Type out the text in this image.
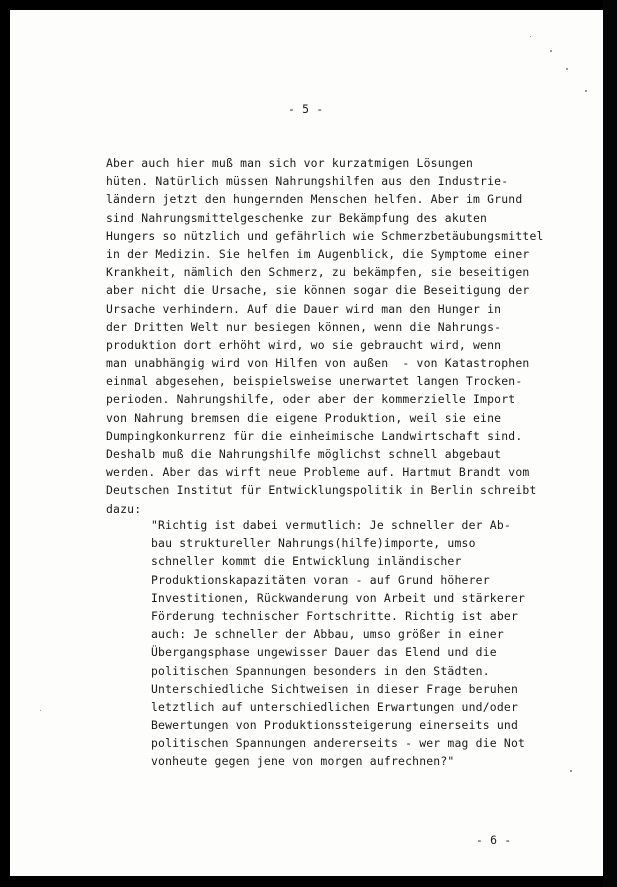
- 5 -
Aber auch hier muß man sich vor kurzatmigen Lösungen
hüten. Natürlich müssen Nahrungshilfen aus den Industrie-
ländern jetzt den hungernden Menschen helfen. Aber im Grund
sind Nahrungsmittelgeschenke zur Bekämpfung des akuten
Hungers so nützlich und gefährlich wie Schmerzbetäubungsmittel
in der Medizin. Sie helfen im Augenblick, die Symptome einer
Krankheit, nämlich den Schmerz, zu bekämpfen, sie beseitigen
aber nicht die Ursache, sie können sogar die Beseitigung der
Ursache verhindern. Auf die Dauer wird man den Hunger in
der Dritten Welt nur besiegen können, wenn die Nahrungs-
produktion dort erhöht wird, wo sie gebraucht wird, wenn
man unabhängig wird von Hilfen von außen  - von Katastrophen
einmal abgesehen, beispielsweise unerwartet langen Trocken-
perioden. Nahrungshilfe, oder aber der kommerzielle Import
von Nahrung bremsen die eigene Produktion, weil sie eine
Dumpingkonkurrenz für die einheimische Landwirtschaft sind.
Deshalb muß die Nahrungshilfe möglichst schnell abgebaut
werden. Aber das wirft neue Probleme auf. Hartmut Brandt vom
Deutschen Institut für Entwicklungspolitik in Berlin schreibt
dazu:
"Richtig ist dabei vermutlich: Je schneller der Ab-
bau struktureller Nahrungs(hilfe)importe, umso
schneller kommt die Entwicklung inländischer
Produktionskapazitäten voran - auf Grund höherer
Investitionen, Rückwanderung von Arbeit und stärkerer
Förderung technischer Fortschritte. Richtig ist aber
auch: Je schneller der Abbau, umso größer in einer
Übergangsphase ungewisser Dauer das Elend und die
politischen Spannungen besonders in den Städten.
Unterschiedliche Sichtweisen in dieser Frage beruhen
letztlich auf unterschiedlichen Erwartungen und/oder
Bewertungen von Produktionssteigerung einerseits und
politischen Spannungen andererseits - wer mag die Not
vonheute gegen jene von morgen aufrechnen?"
- 6 -
